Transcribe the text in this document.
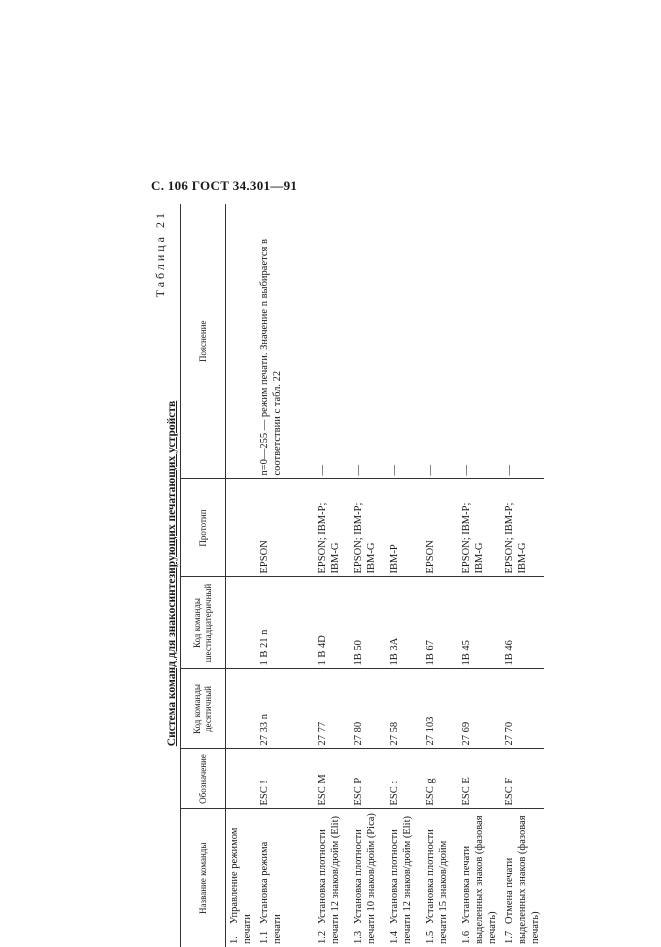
С. 106 ГОСТ 34.301—91
Таблица 21
Система команд для знакосинтезирующих печатающих устройств
Название команды	Обозначение	Код команды десятичный	Код команды шестнадцатеричный	Прототип	Пояснение
1.Управление режимом печати					
1.1Установка режима печати	ESC !	27 33 n	1 B 21 n	EPSON	n=0—255 — режим печати. Значение n выбирается в соответствии с табл. 22
1.2Установка плотности печати 12 знаков/дюйм (Elit)	ESC M	27 77	1 B 4D	EPSON; IBM-P; IBM-G	—
1.3Установка плотности печати 10 знаков/дюйм (Pica)	ESC P	27 80	1B 50	EPSON; IBM-P; IBM-G	—
1.4Установка плотности печати 12 знаков/дюйм (Elit)	ESC :	27 58	1B 3A	IBM-P	—
1.5Установка плотности печати 15 знаков/дюйм	ESC g	27 103	1B 67	EPSON	—
1.6Установка печати выделенных знаков (фазовая печать)	ESC E	27 69	1B 45	EPSON; IBM-P; IBM-G	—
1.7Отмена печати выделенных знаков (фазовая печать)	ESC F	27 70	1B 46	EPSON; IBM-P; IBM-G	—
